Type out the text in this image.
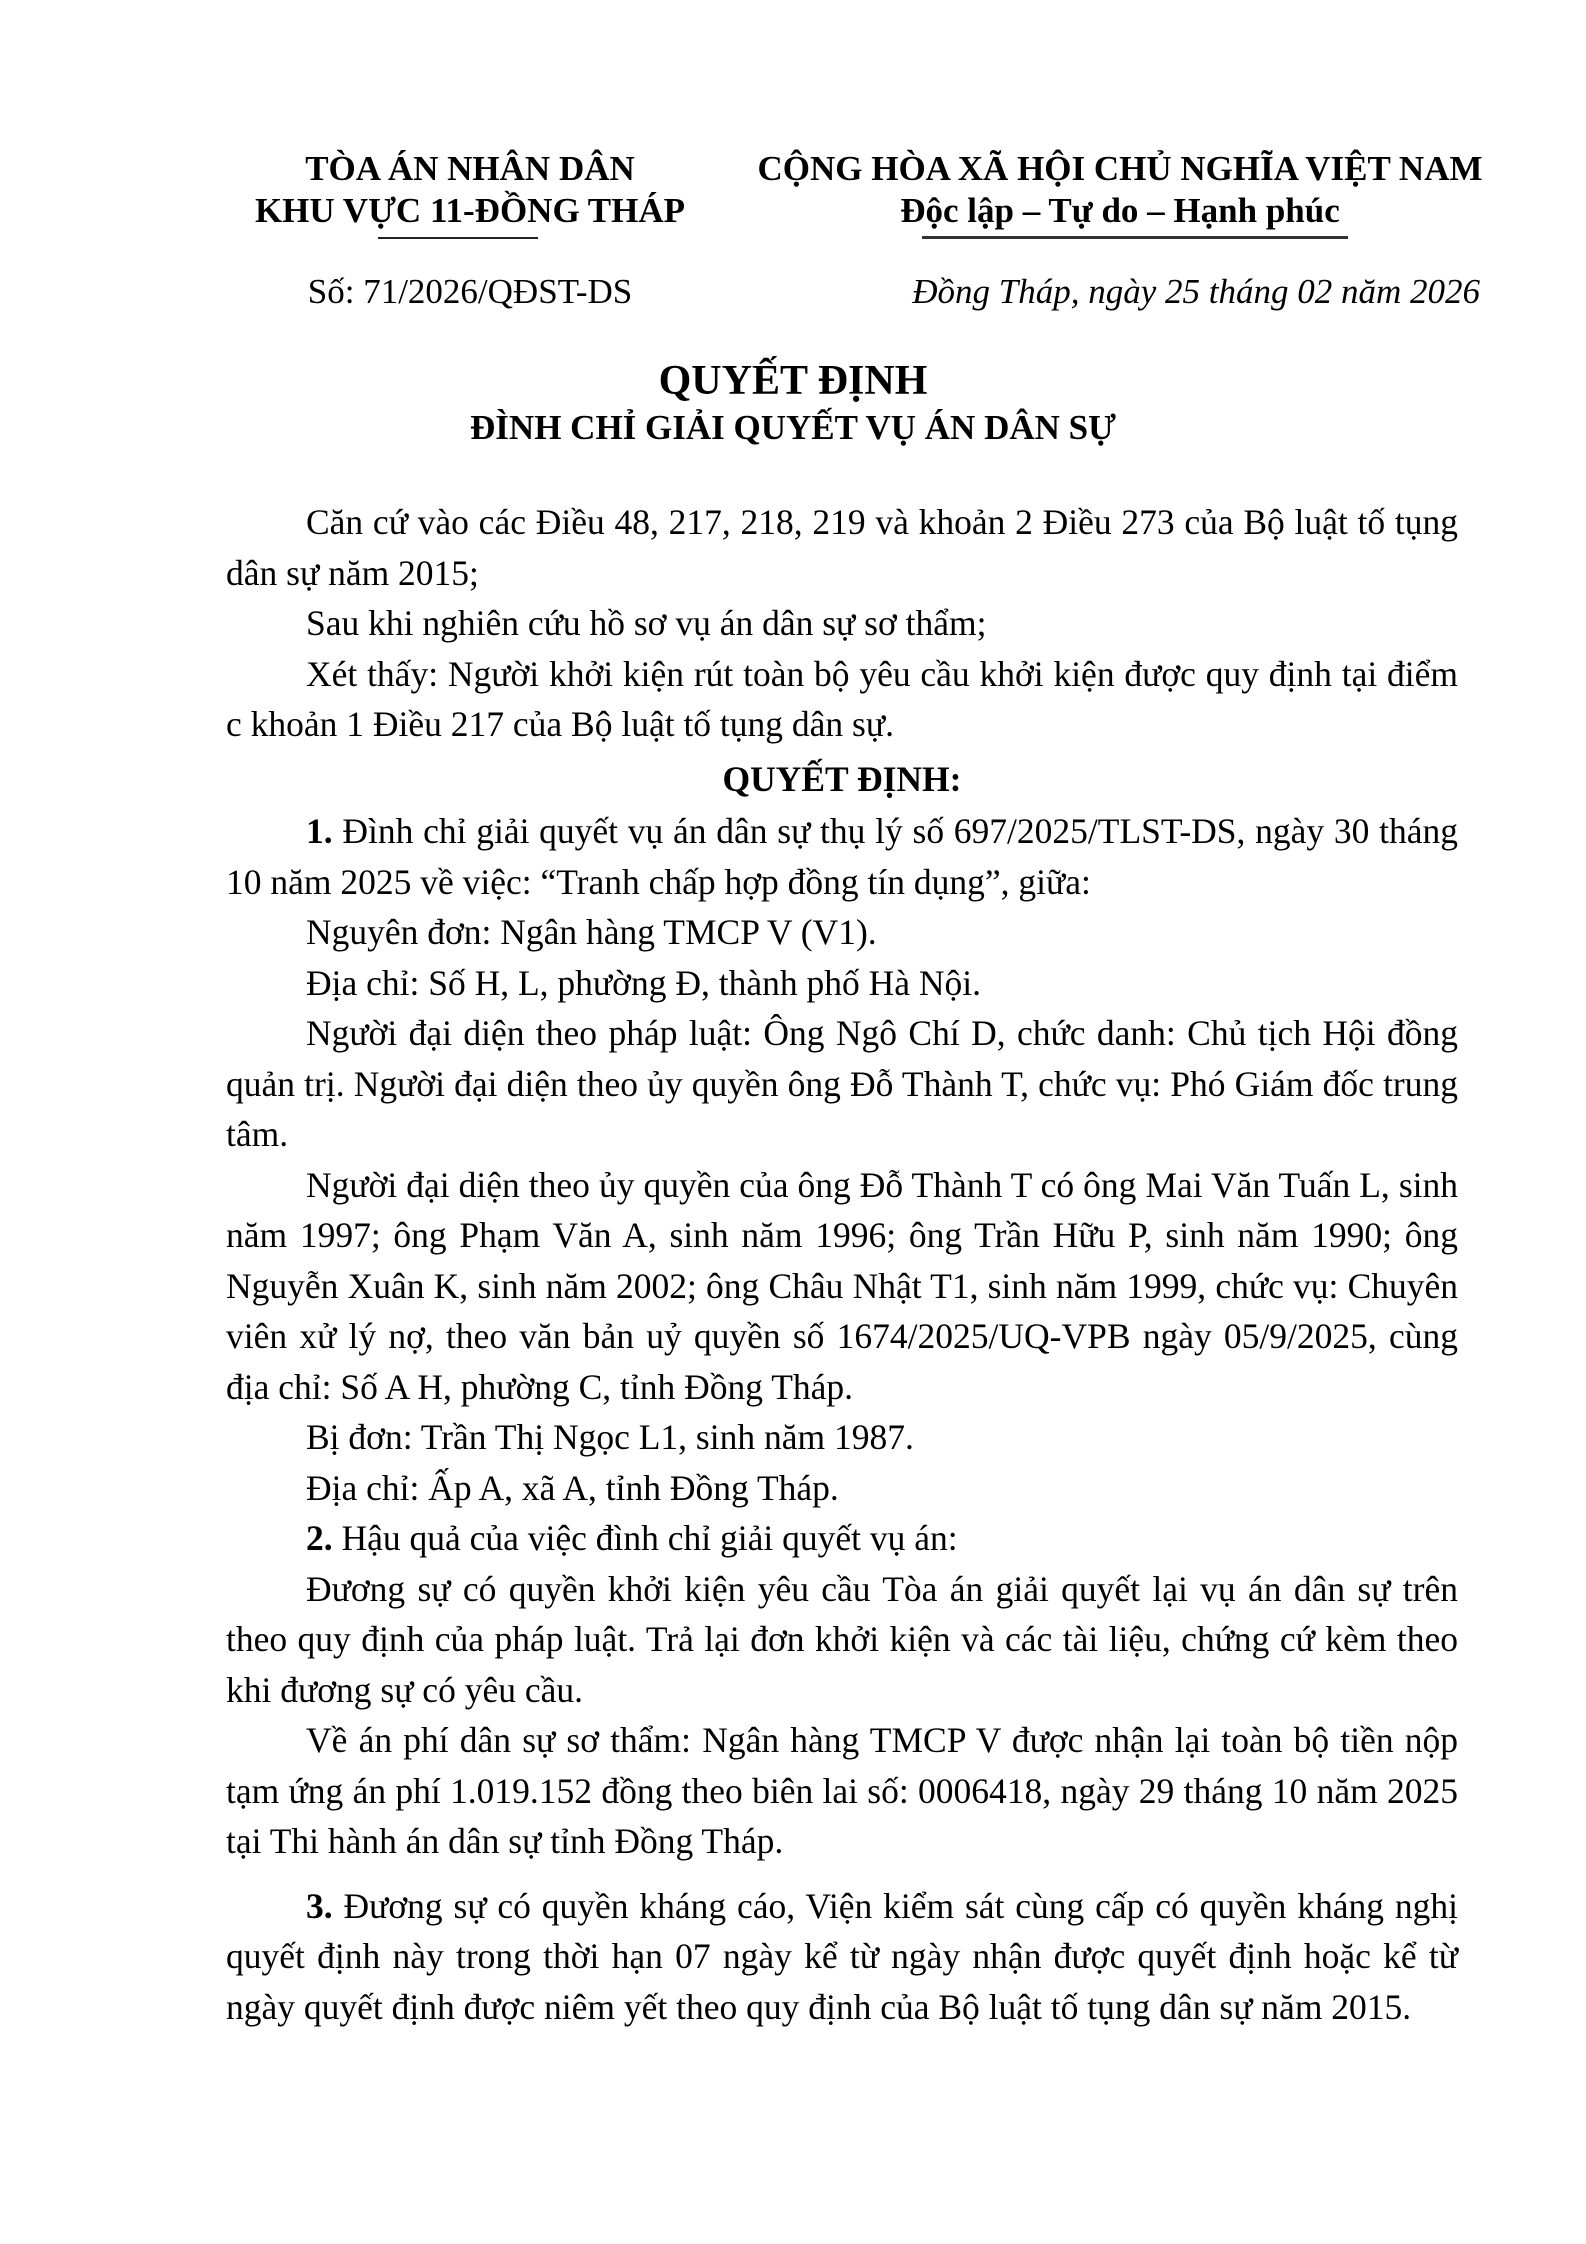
TÒA ÁN NHÂN DÂN
KHU VỰC 11-ĐỒNG THÁP
CỘNG HÒA XÃ HỘI CHỦ NGHĨA VIỆT NAM
Độc lập – Tự do – Hạnh phúc
Số: 71/2026/QĐST-DS	Đồng Tháp, ngày 25 tháng 02 năm 2026
QUYẾT ĐỊNH
ĐÌNH CHỈ GIẢI QUYẾT VỤ ÁN DÂN SỰ

Căn cứ vào các Điều 48, 217, 218, 219 và khoản 2 Điều 273 của Bộ luật tố tụng dân sự năm 2015;

Sau khi nghiên cứu hồ sơ vụ án dân sự sơ thẩm;

Xét thấy: Người khởi kiện rút toàn bộ yêu cầu khởi kiện được quy định tại điểm c khoản 1 Điều 217 của Bộ luật tố tụng dân sự.

QUYẾT ĐỊNH:

1. Đình chỉ giải quyết vụ án dân sự thụ lý số 697/2025/TLST-DS, ngày 30 tháng 10 năm 2025 về việc: “Tranh chấp hợp đồng tín dụng”, giữa:

Nguyên đơn: Ngân hàng TMCP V (V1).

Địa chỉ: Số H, L, phường Đ, thành phố Hà Nội.

Người đại diện theo pháp luật: Ông Ngô Chí D, chức danh: Chủ tịch Hội đồng quản trị. Người đại diện theo ủy quyền ông Đỗ Thành T, chức vụ: Phó Giám đốc trung tâm.

Người đại diện theo ủy quyền của ông Đỗ Thành T có ông Mai Văn Tuấn L, sinh năm 1997; ông Phạm Văn A, sinh năm 1996; ông Trần Hữu P, sinh năm 1990; ông Nguyễn Xuân K, sinh năm 2002; ông Châu Nhật T1, sinh năm 1999, chức vụ: Chuyên viên xử lý nợ, theo văn bản uỷ quyền số 1674/2025/UQ-VPB ngày 05/9/2025, cùng địa chỉ: Số A H, phường C, tỉnh Đồng Tháp.

Bị đơn: Trần Thị Ngọc L1, sinh năm 1987.

Địa chỉ: Ấp A, xã A, tỉnh Đồng Tháp.

2. Hậu quả của việc đình chỉ giải quyết vụ án:

Đương sự có quyền khởi kiện yêu cầu Tòa án giải quyết lại vụ án dân sự trên theo quy định của pháp luật. Trả lại đơn khởi kiện và các tài liệu, chứng cứ kèm theo khi đương sự có yêu cầu.

Về án phí dân sự sơ thẩm: Ngân hàng TMCP V được nhận lại toàn bộ tiền nộp tạm ứng án phí 1.019.152 đồng theo biên lai số: 0006418, ngày 29 tháng 10 năm 2025 tại Thi hành án dân sự tỉnh Đồng Tháp.

3. Đương sự có quyền kháng cáo, Viện kiểm sát cùng cấp có quyền kháng nghị quyết định này trong thời hạn 07 ngày kể từ ngày nhận được quyết định hoặc kể từ ngày quyết định được niêm yết theo quy định của Bộ luật tố tụng dân sự năm 2015.
